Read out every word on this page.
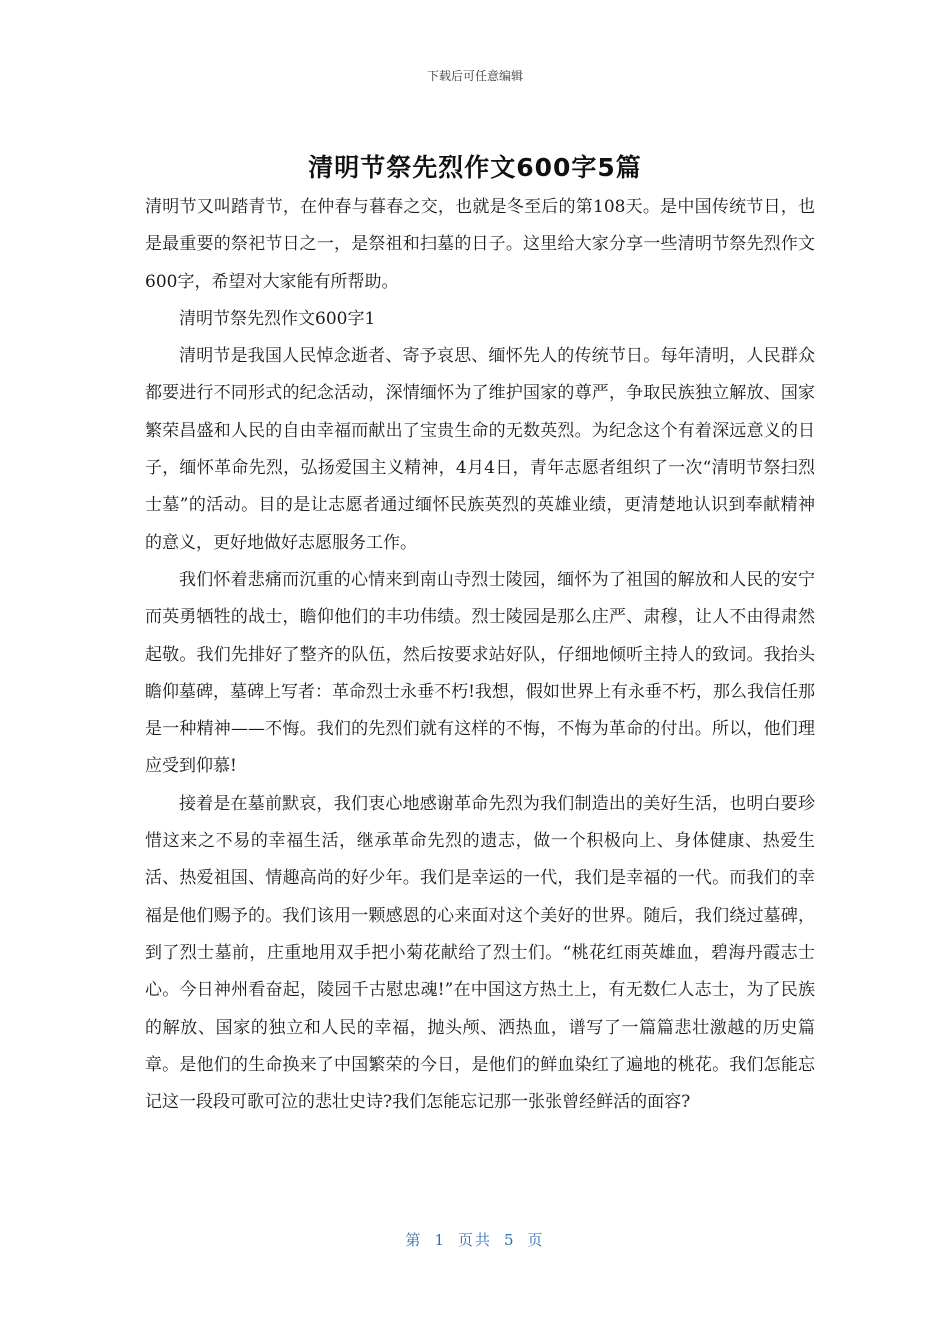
下载后可任意编辑
清明节祭先烈作文600字5篇

清明节又叫踏青节，在仲春与暮春之交，也就是冬至后的第108天。是中国传统节日，也是最重要的祭祀节日之一，是祭祖和扫墓的日子。这里给大家分享一些清明节祭先烈作文600字，希望对大家能有所帮助。

清明节祭先烈作文600字1

清明节是我国人民悼念逝者、寄予哀思、缅怀先人的传统节日。每年清明，人民群众都要进行不同形式的纪念活动，深情缅怀为了维护国家的尊严，争取民族独立解放、国家繁荣昌盛和人民的自由幸福而献出了宝贵生命的无数英烈。为纪念这个有着深远意义的日子，缅怀革命先烈，弘扬爱国主义精神，4月4日，青年志愿者组织了一次“清明节祭扫烈士墓”的活动。目的是让志愿者通过缅怀民族英烈的英雄业绩，更清楚地认识到奉献精神的意义，更好地做好志愿服务工作。

我们怀着悲痛而沉重的心情来到南山寺烈士陵园，缅怀为了祖国的解放和人民的安宁而英勇牺牲的战士，瞻仰他们的丰功伟绩。烈士陵园是那么庄严、肃穆，让人不由得肃然起敬。我们先排好了整齐的队伍，然后按要求站好队，仔细地倾听主持人的致词。我抬头瞻仰墓碑，墓碑上写者：革命烈士永垂不朽!我想，假如世界上有永垂不朽，那么我信任那是一种精神——不悔。我们的先烈们就有这样的不悔，不悔为革命的付出。所以，他们理应受到仰慕!

接着是在墓前默哀，我们衷心地感谢革命先烈为我们制造出的美好生活，也明白要珍惜这来之不易的幸福生活，继承革命先烈的遗志，做一个积极向上、身体健康、热爱生活、热爱祖国、情趣高尚的好少年。我们是幸运的一代，我们是幸福的一代。而我们的幸福是他们赐予的。我们该用一颗感恩的心来面对这个美好的世界。随后，我们绕过墓碑，到了烈士墓前，庄重地用双手把小菊花献给了烈士们。“桃花红雨英雄血，碧海丹霞志士心。今日神州看奋起，陵园千古慰忠魂!”在中国这方热土上，有无数仁人志士，为了民族的解放、国家的独立和人民的幸福，抛头颅、洒热血，谱写了一篇篇悲壮激越的历史篇章。是他们的生命换来了中国繁荣的今日，是他们的鲜血染红了遍地的桃花。我们怎能忘记这一段段可歌可泣的悲壮史诗?我们怎能忘记那一张张曾经鲜活的面容?

第 1 页共 5 页
